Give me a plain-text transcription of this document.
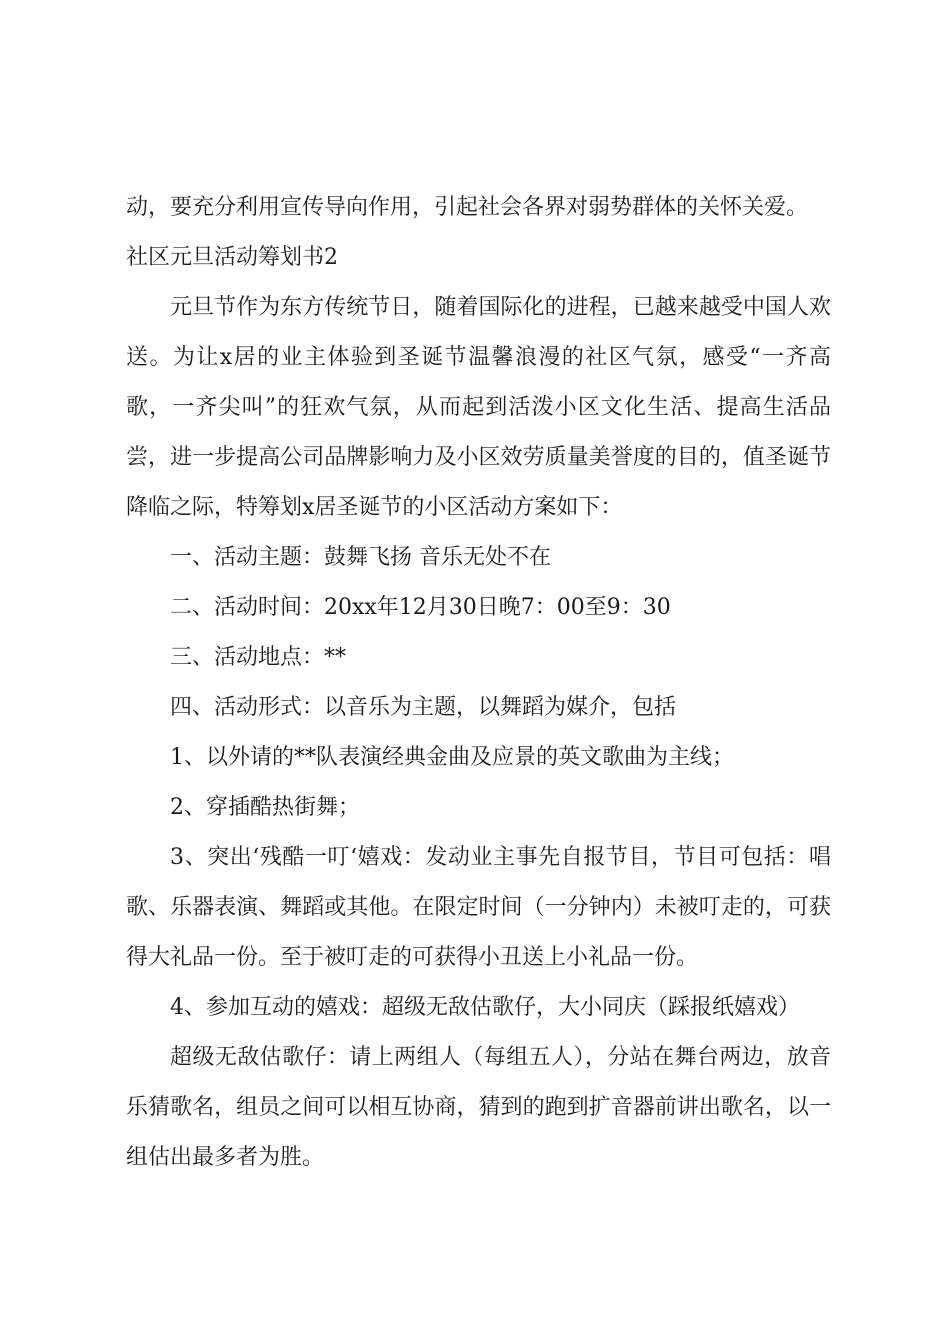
动，要充分利用宣传导向作用，引起社会各界对弱势群体的关怀关爱。

社区元旦活动筹划书2

元旦节作为东方传统节日，随着国际化的进程，已越来越受中国人欢送。为让x居的业主体验到圣诞节温馨浪漫的社区气氛，感受“一齐高歌，一齐尖叫”的狂欢气氛，从而起到活泼小区文化生活、提高生活品尝，进一步提高公司品牌影响力及小区效劳质量美誉度的目的，值圣诞节降临之际，特筹划x居圣诞节的小区活动方案如下：

一、活动主题：鼓舞飞扬 音乐无处不在

二、活动时间：20xx年12月30日晚7：00至9：30

三、活动地点：**

四、活动形式：以音乐为主题，以舞蹈为媒介，包括

1、以外请的**队表演经典金曲及应景的英文歌曲为主线；

2、穿插酷热街舞；

3、突出‘残酷一叮‘嬉戏：发动业主事先自报节目，节目可包括：唱歌、乐器表演、舞蹈或其他。在限定时间（一分钟内）未被叮走的，可获得大礼品一份。至于被叮走的可获得小丑送上小礼品一份。

4、参加互动的嬉戏：超级无敌估歌仔，大小同庆（踩报纸嬉戏）

超级无敌估歌仔：请上两组人（每组五人），分站在舞台两边，放音乐猜歌名，组员之间可以相互协商，猜到的跑到扩音器前讲出歌名，以一组估出最多者为胜。
